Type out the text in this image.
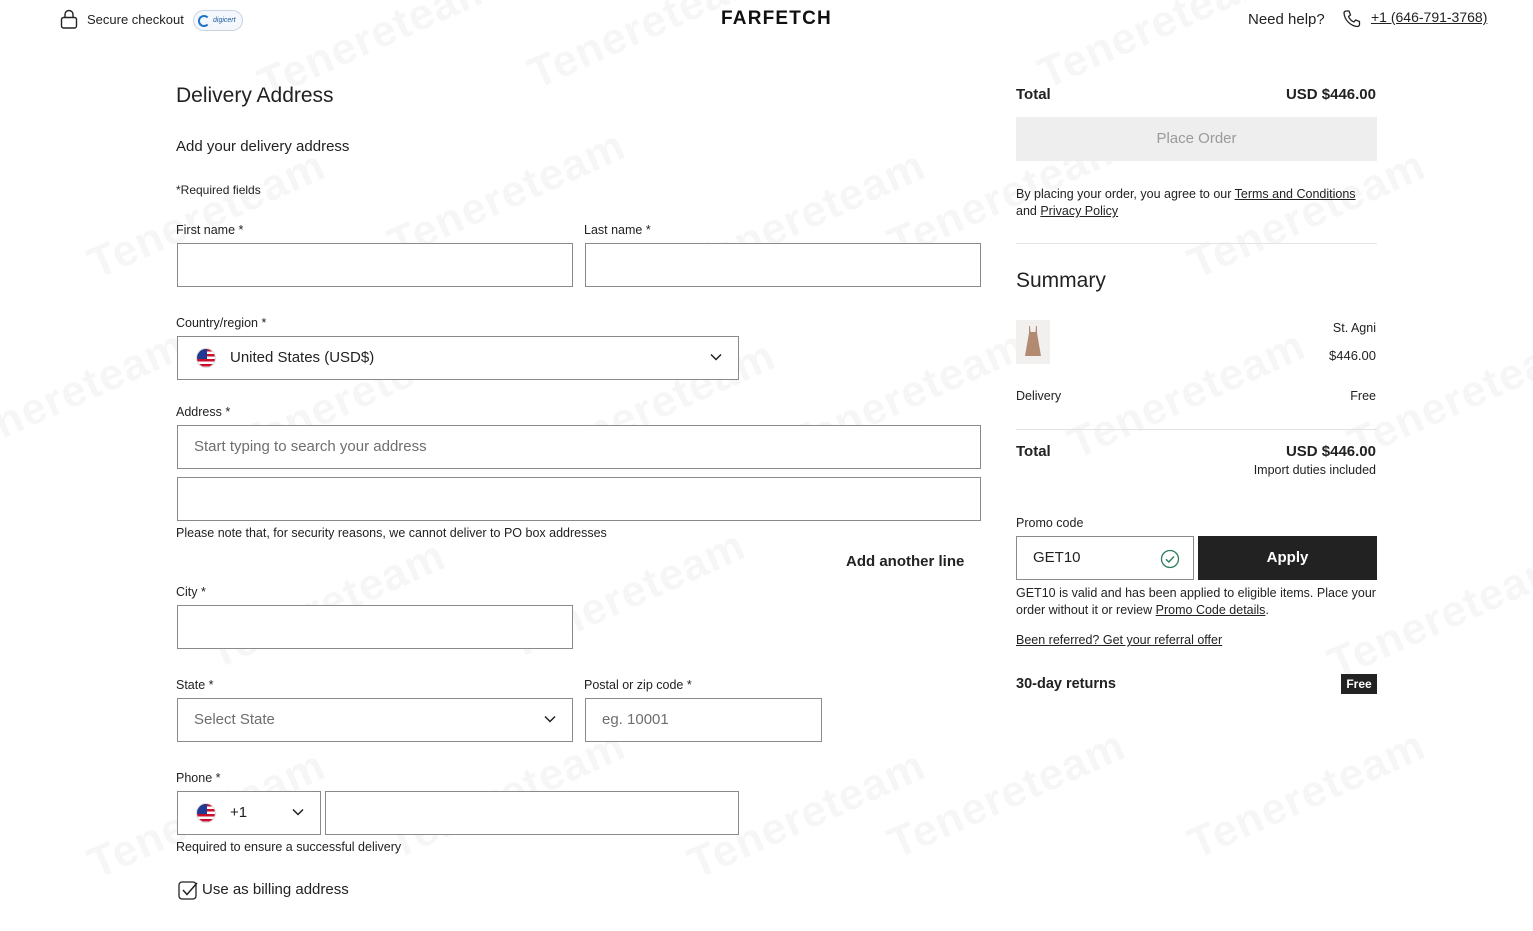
Secure checkout	digicert	FARFETCH	Need help?	+1 (646-791-3768)
Delivery Address
Add your delivery address
*Required fields
First name *	Last name *
Country/region *
United States (USD$)
Address *
Start typing to search your address
Please note that, for security reasons, we cannot deliver to PO box addresses
Add another line
City *
State *
Select State
Postal or zip code *
eg. 10001
Phone *
+1
Required to ensure a successful delivery
Use as billing address
Total	USD $446.00
Place Order
By placing your order, you agree to our Terms and Conditions and Privacy Policy
Summary
St. Agni
$446.00
Delivery	Free
Total	USD $446.00
Import duties included
Promo code
GET10	Apply
GET10 is valid and has been applied to eligible items. Place your order without it or review Promo Code details.
Been referred? Get your referral offer
30-day returns	Free
